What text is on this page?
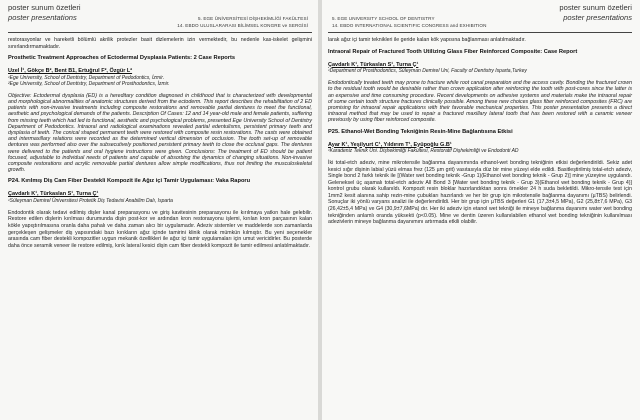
poster sunum özetleri
poster presentations	5. EGE ÜNİVERSİTESİ DİŞHEKİMLİĞİ FAKÜLTESİ
14. EBDO ULUSLARARASI BİLİMSEL KONGRE ve SERGİSİ

restorasyonlar ve hareketli bölümlü akrilik protezler basit dizlemelerin izin vermektedir, bu nedenle kas-iskelet gelişmini sınırlandırmamaktadır.

Prosthetic Treatment Approaches of Ectodermal Dysplasia Patients: 2 Case Reports
Uzel İ¹, Gökçe B², Bent B1, Ertuğrul F², Özgür L²
¹Ege University, School of Dentistry, Department of Pedodontics, İzmir.
²Ege University, School of Dentistry, Department of Prosthodontics, İzmir.

Objective: Ectodermal dysplasia (ED) is a hereditary condition diagnosed in childhood that is characterized with developmental and morphological abnormalities of anatomic structures derived from the ectoderm. This report describes the rehabilitation of 2 ED patients with non-invasive treatments including composite restorations and removable partial dentures to meet the functional, aesthetic and psychological demands of the patients. Description Of Cases: 12 and 14 year-old male and female patients, suffering from missing teeth which had led to functional, aesthetic and psychological problems, presented Ege University School of Dentistry Department of Pedodontics. Intraoral and radiological examinations revealed partial edentulisms, persistent primary teeth and dysplasia of teeth. The conical shaped permanent teeth were restored with composite resin restorations. The casts were obtained and intermaxillary relations were recorded as the determined vertical dimension of occlusion. The tooth set-up of removable dentures was performed also over the subsecutively positioned persistent primary teeth to close the occlusal gaps. The dentures were delivered to the patients and oral hygiene instructions were given. Conclusions: The treatment of ED should be patient focused, adjustable to individual needs of patients and capable of absorbing the dynamics of changing situations. Non-invasive composite restorations and acrylic removable partial dentures allow simple modifications, thus not limiting the musculoskeletal growth.

P24. Kırılmış Diş Cam Fiber Destekli Kompozit ile Ağız içi Tamir Uygulaması: Vaka Raporu
Çavdarlı K¹, Türkaslan S¹, Turna Ç¹
¹Süleyman Demirel Üniversitesi Protetik Diş Tedavisi Anabilim Dalı, Isparta

Endodontik olarak tedavi edilmiş dişler kanal preparasyonu ve giriş kavitesinin preparasyonu ile kırılmaya yatkın hale gelebilir. Restore edilen dişlerin kırılması durumunda dişin post-kor ve ardından kron restorasyonu işlemi, kırılan kron parçasının kalan kökle yapıştırılmasına oranla daha pahalı ve daha zaman alıcı bir uygulamadır. Adeziv sistemler ve maddelerde son zamanlarda gerçekleşen gelişmeler diş yapısındaki bazı kırıkların ağız içinde tamirini klinik olarak mümkün kılmıştır. Bu yeni seçenekler arasında cam fiber destekli kompozitler uygun mekanik özellikleri ile ağız içi tamir uygulamaları için umut vericidirler. Bu posterde daha önce seramik veneer ile restore edilmiş, kırık lateral kesici dişin cam fiber destekli kompozit ile tamir edilmesi anlatılmaktadır.

poster sunum özetleri
poster presentations
5. EGE UNIVERSITY SCHOOL OF DENTISTRY
14. EBDO INTERNATIONAL SCIENTIFIC CONGRESS and EXHIBITION

larak ağız içi tamir teknikleri ile geride kalan kök yapısına bağlanması anlatılmaktadır.

Intraoral Repair of Fractured Tooth Utilizing Glass Fiber Reinforced Composite: Case Report
Çavdarlı K¹, Türkaslan S¹, Turna Ç¹
¹Department of Prosthodontics, Süleyman Demirel Uni, Faculty of Dentistry Isparta,Turkey

Endodontically treated teeth may prone to fracture while root canal preparation and the access cavity. Bonding the fractured crown to the residual tooth would be desirable rather than crown application after reinforcing the tooth with post-cores since the latter is an expensive and time consuming procedure. Recent developments on adhesive systems and materials make the intraoral repair of some certain tooth structure fractures clinically possible. Among these new choices glass fiber reinforced composites (FRC) are promising for intraoral repair applications with their favorable mechanical properties. This poster presentation presents a direct intraoral method that may be used to repair a fractured maxillary lateral tooth that has been restored with a ceramic veneer previously by using fiber reinforced composite.

P25. Ethanol-Wet Bonding Tekniğinin Resin-Mine Bağlantısına Etkisi
Ayar K¹, Yeşilyurt C¹, Yıldırım T¹, Eyüpoğlu G.B¹
¹Karadeniz Teknik Üni. Dişhekimliği Fakültesi, Restoratif Dişhekimliği ve Endodonti AD

İki total-etch adeziv, mine mikrotensile bağlanma dayanımında ethanol-wet bonding tekniğinin etkisi değerlendirildi. Sekiz adet kesici sığır dişinin labial yüzü elmas frez (125 µm grit) vasıtasıyla düz bir mine yüzeyi elde edildi. Basitleştirilmiş total-etch adeziv, Single bond 2 farklı teknik ile [(Water wet bonding teknik -Grup 1)(Ethanol wet bonding teknik - Grup 2)] mine yüzeyine uygulandı. Geleneksel üç aşamalı total-etch adeziv All Bond 3 [Water wet bonding teknik - Grup 3)(Ethanol wet bonding teknik - Grup 4)] kontrol grubu olarak kullanıldı. Kompozit resin bloklar hazırlandıktan sonra örnekler 24 h suda bekletildi. Mikro-tensile test için 1mm2 kesit alanına sahip rezin-mine çubukları hazırlandı ve her bir grup için mikrotensile bağlanma dayanımı (µTBS) belirlendi. Sonuçlar iki yönlü varyans analizi ile değerlendirildi. Her bir grup için µTBS değerleri G1 (17,3±4,5 MPa), G2 (25,8±7,6 MPa), G3 (26,42±5,4 MPa) ve G4 (30,9±7,6MPa) dır. Her iki adeziv için etanol wet tekniği ile mineye bağlanma dayanımı water wet bonding tekniğinden anlamlı oranda yüksekti (p<0.05). Mine ve dentin üzeren kullanılabilen ethanol wet bonding tekniğinin kullanılması adezivlerin mineye bağlanma dayanımını artırmada etkili olabilir.
